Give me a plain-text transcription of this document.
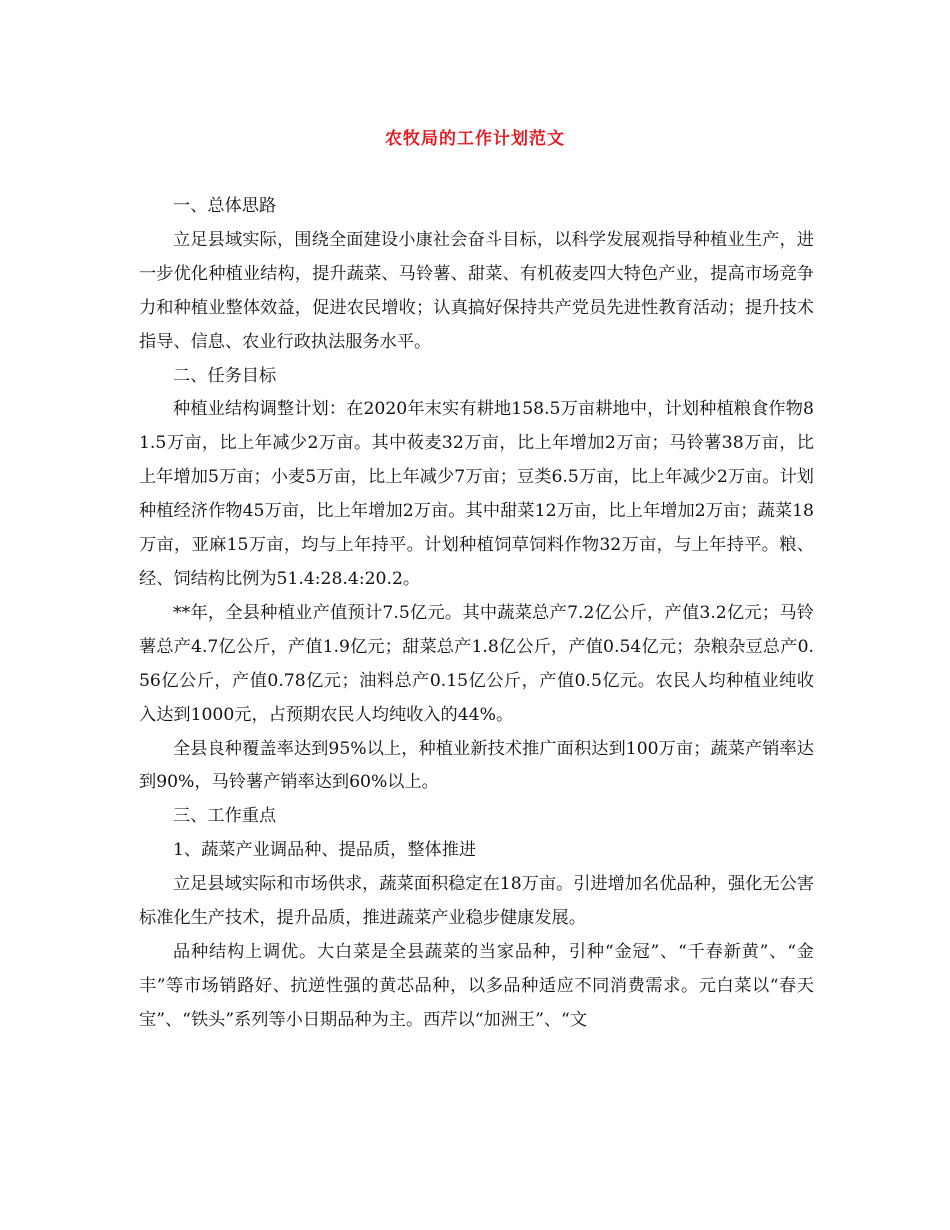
农牧局的工作计划范文

一、总体思路

立足县域实际，围绕全面建设小康社会奋斗目标，以科学发展观指导种植业生产，进一步优化种植业结构，提升蔬菜、马铃薯、甜菜、有机莜麦四大特色产业，提高市场竞争力和种植业整体效益，促进农民增收；认真搞好保持共产党员先进性教育活动；提升技术指导、信息、农业行政执法服务水平。

二、任务目标

种植业结构调整计划：在2020年末实有耕地158.5万亩耕地中，计划种植粮食作物81.5万亩，比上年减少2万亩。其中莜麦32万亩，比上年增加2万亩；马铃薯38万亩，比上年增加5万亩；小麦5万亩，比上年减少7万亩；豆类6.5万亩，比上年减少2万亩。计划种植经济作物45万亩，比上年增加2万亩。其中甜菜12万亩，比上年增加2万亩；蔬菜18万亩，亚麻15万亩，均与上年持平。计划种植饲草饲料作物32万亩，与上年持平。粮、经、饲结构比例为51.4:28.4:20.2。

**年，全县种植业产值预计7.5亿元。其中蔬菜总产7.2亿公斤，产值3.2亿元；马铃薯总产4.7亿公斤，产值1.9亿元；甜菜总产1.8亿公斤，产值0.54亿元；杂粮杂豆总产0.56亿公斤，产值0.78亿元；油料总产0.15亿公斤，产值0.5亿元。农民人均种植业纯收入达到1000元，占预期农民人均纯收入的44%。

全县良种覆盖率达到95%以上，种植业新技术推广面积达到100万亩；蔬菜产销率达到90%，马铃薯产销率达到60%以上。

三、工作重点

1、蔬菜产业调品种、提品质，整体推进

立足县域实际和市场供求，蔬菜面积稳定在18万亩。引进增加名优品种，强化无公害标准化生产技术，提升品质，推进蔬菜产业稳步健康发展。

品种结构上调优。大白菜是全县蔬菜的当家品种，引种“金冠”、“千春新黄”、“金丰”等市场销路好、抗逆性强的黄芯品种，以多品种适应不同消费需求。元白菜以“春天宝”、“铁头”系列等小日期品种为主。西芹以“加洲王”、“文
